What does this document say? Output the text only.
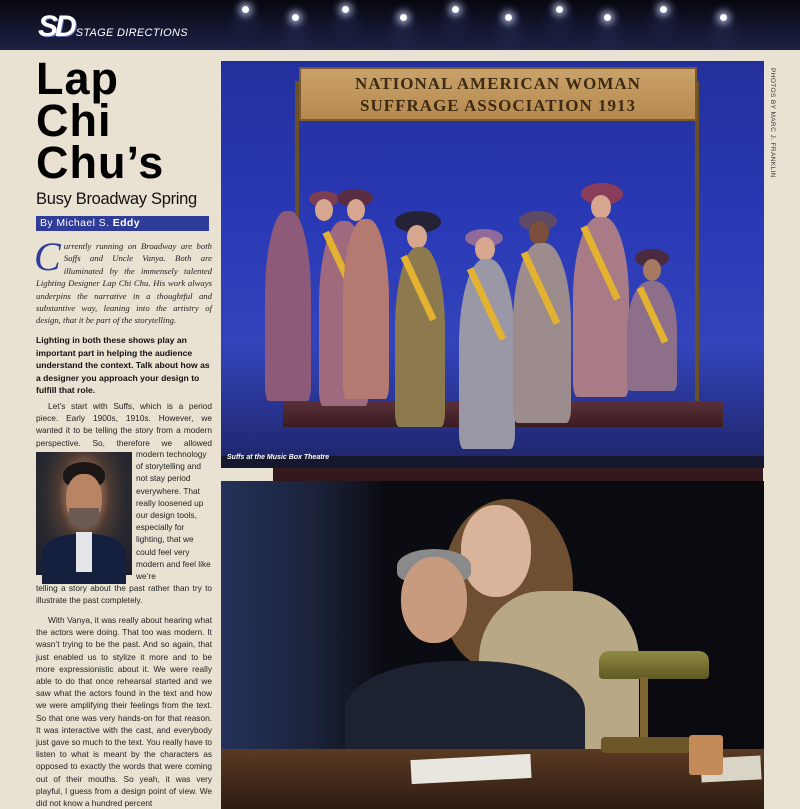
SD STAGE DIRECTIONS
Lap
Chi
Chu’s
Busy Broadway Spring
By Michael S. Eddy
Currently running on Broadway are both Suffs and Uncle Vanya. Both are illuminated by the immensely talented Lighting Designer Lap Chi Chu. His work always underpins the narrative in a thoughtful and substantive way, leaning into the artistry of design, that it be part of the storytelling.
Lighting in both these shows play an important part in helping the audience understand the context. Talk about how as a designer you approach your design to fulfill that role.
Let’s start with Suffs, which is a period piece. Early 1900s, 1910s. However, we wanted it to be telling the story from a modern perspective. So, therefore we allowed
modern technology of storytelling and not stay period everywhere. That really loosened up our design tools, especially for lighting, that we could feel very modern and feel like we’re
telling a story about the past rather than try to illustrate the past completely.
With Vanya, it was really about hearing what the actors were doing. That too was modern. It wasn’t trying to be the past. And so again, that just enabled us to stylize it more and to be more expressionistic about it. We were really able to do that once rehearsal started and we saw what the actors found in the text and how we were amplifying their feelings from the text. So that one was very hands-on for that reason. It was interactive with the cast, and everybody just gave so much to the text. You really have to listen to what is meant by the characters as opposed to exactly the words that were coming out of their mouths. So yeah, it was very playful, I guess from a design point of view. We did not know a hundred percent
NATIONAL AMERICAN WOMAN
SUFFRAGE ASSOCIATION 1913
Suffs at the Music Box Theatre
PHOTOS BY MARC J. FRANKLIN
